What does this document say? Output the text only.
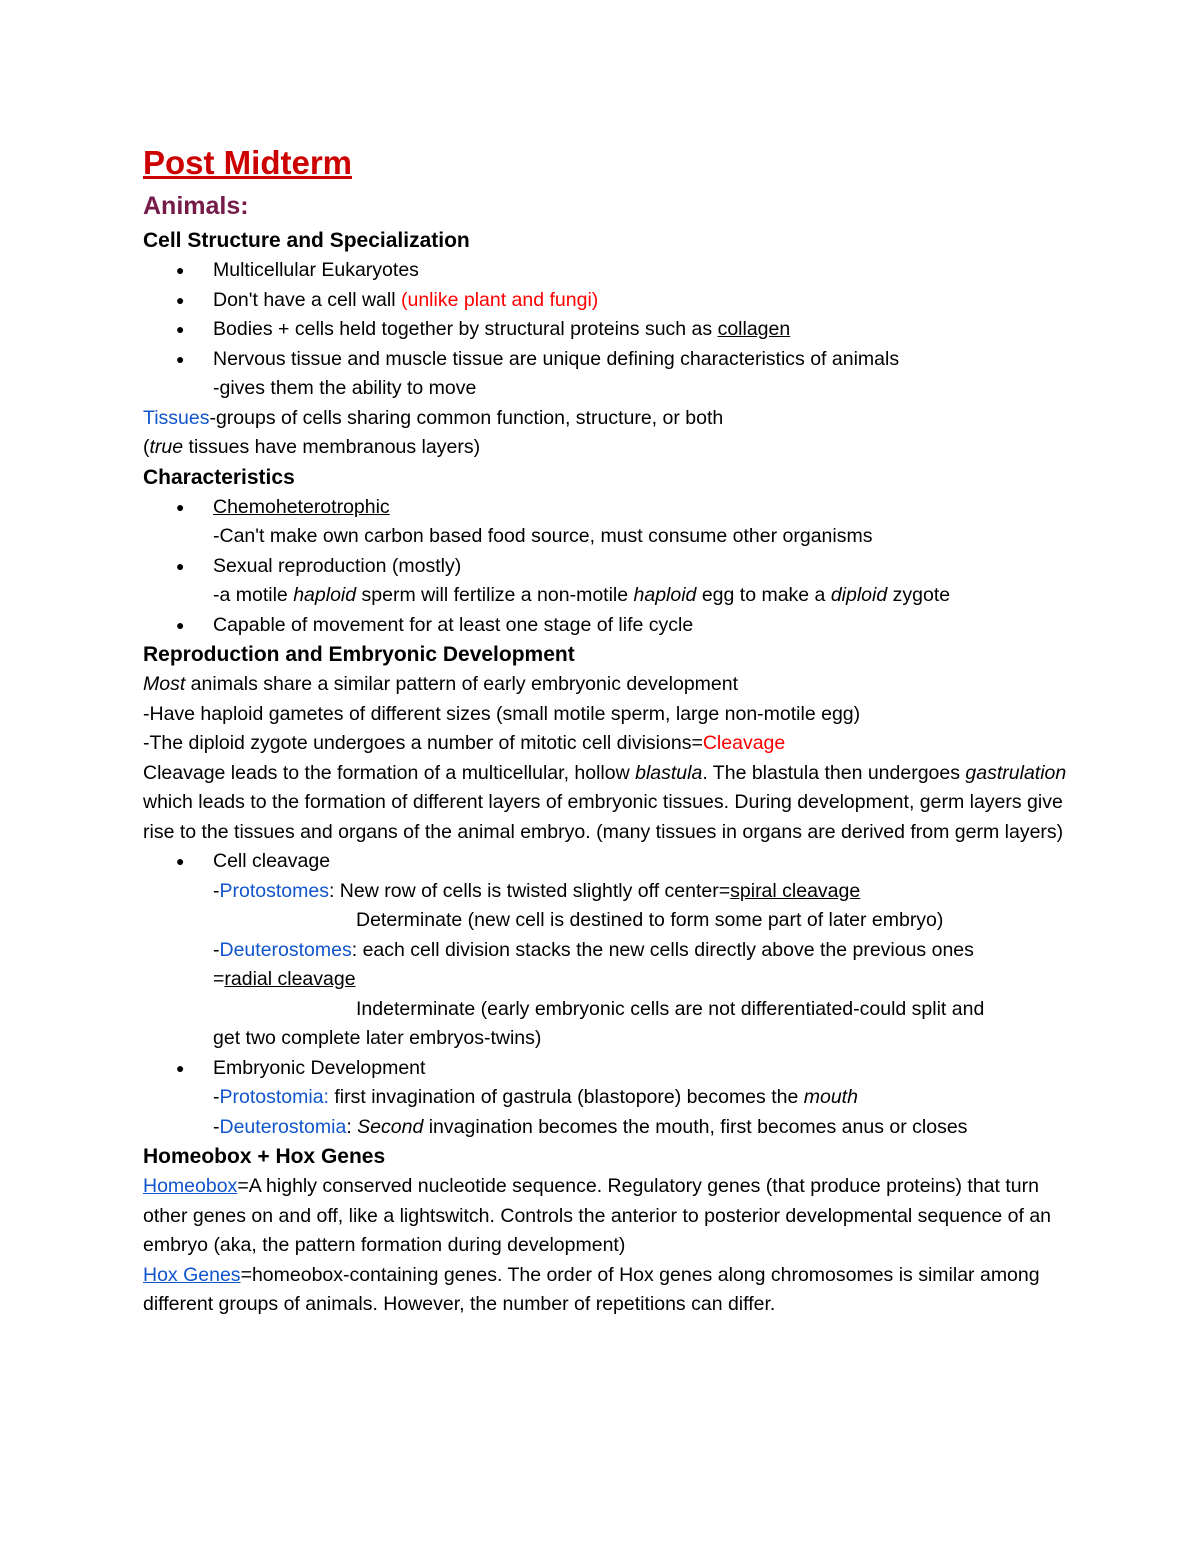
Post Midterm
Animals:
Cell Structure and Specialization
● Multicellular Eukaryotes
● Don't have a cell wall (unlike plant and fungi)
● Bodies + cells held together by structural proteins such as collagen
● Nervous tissue and muscle tissue are unique defining characteristics of animals

-gives them the ability to move

Tissues-groups of cells sharing common function, structure, or both

(true tissues have membranous layers)

Characteristics
● Chemoheterotrophic

-Can't make own carbon based food source, must consume other organisms

● Sexual reproduction (mostly)

-a motile haploid sperm will fertilize a non-motile haploid egg to make a diploid zygote

● Capable of movement for at least one stage of life cycle
Reproduction and Embryonic Development

Most animals share a similar pattern of early embryonic development

-Have haploid gametes of different sizes (small motile sperm, large non-motile egg)

-The diploid zygote undergoes a number of mitotic cell divisions=Cleavage

Cleavage leads to the formation of a multicellular, hollow blastula. The blastula then undergoes gastrulation which leads to the formation of different layers of embryonic tissues. During development, germ layers give rise to the tissues and organs of the animal embryo. (many tissues in organs are derived from germ layers)

● Cell cleavage

-Protostomes: New row of cells is twisted slightly off center=spiral cleavage

Determinate (new cell is destined to form some part of later embryo)

-Deuterostomes: each cell division stacks the new cells directly above the previous ones

=radial cleavage

Indeterminate (early embryonic cells are not differentiated-could split and

get two complete later embryos-twins)

● Embryonic Development

-Protostomia: first invagination of gastrula (blastopore) becomes the mouth

-Deuterostomia: Second invagination becomes the mouth, first becomes anus or closes

Homeobox + Hox Genes

Homeobox=A highly conserved nucleotide sequence. Regulatory genes (that produce proteins) that turn other genes on and off, like a lightswitch. Controls the anterior to posterior developmental sequence of an embryo (aka, the pattern formation during development)

Hox Genes=homeobox-containing genes. The order of Hox genes along chromosomes is similar among different groups of animals. However, the number of repetitions can differ.
